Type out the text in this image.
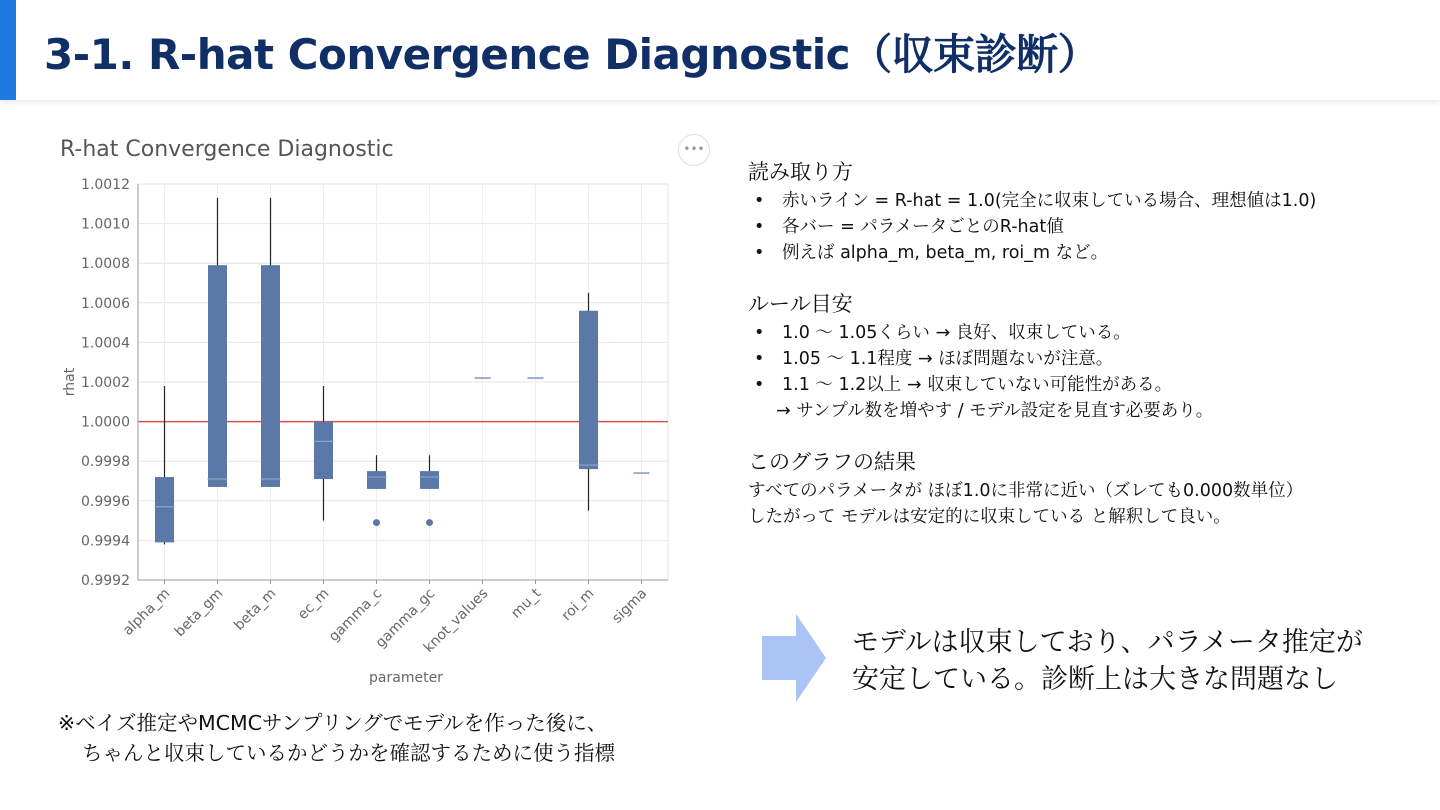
3-1. R-hat Convergence Diagnostic（収束診断）
R-hat Convergence Diagnostic
0.9992
0.9994
0.9996
0.9998
1.0000
1.0002
1.0004
1.0006
1.0008
1.0010
1.0012
alpha_m
beta_gm beta_m ec_m
gamma_c
gamma_gc
knot_values mu_t roi_m sigma
rhat
parameter
•••
読み取り方
• 赤いライン = R-hat = 1.0(完全に収束している場合、理想値は1.0)
• 各バー = パラメータごとのR-hat値
• 例えば alpha_m, beta_m, roi_m など。
ルール目安
• 1.0 〜 1.05くらい → 良好、収束している。
• 1.05 〜 1.1程度 → ほぼ問題ないが注意。
• 1.1 〜 1.2以上 → 収束していない可能性がある。
→ サンプル数を増やす / モデル設定を見直す必要あり。
このグラフの結果
すべてのパラメータが ほぼ1.0に非常に近い（ズレても0.000数単位）
したがって モデルは安定的に収束している と解釈して良い。
モデルは収束しており、パラメータ推定が
安定している。診断上は大きな問題なし
※ベイズ推定やMCMCサンプリングでモデルを作った後に、
ちゃんと収束しているかどうかを確認するために使う指標
